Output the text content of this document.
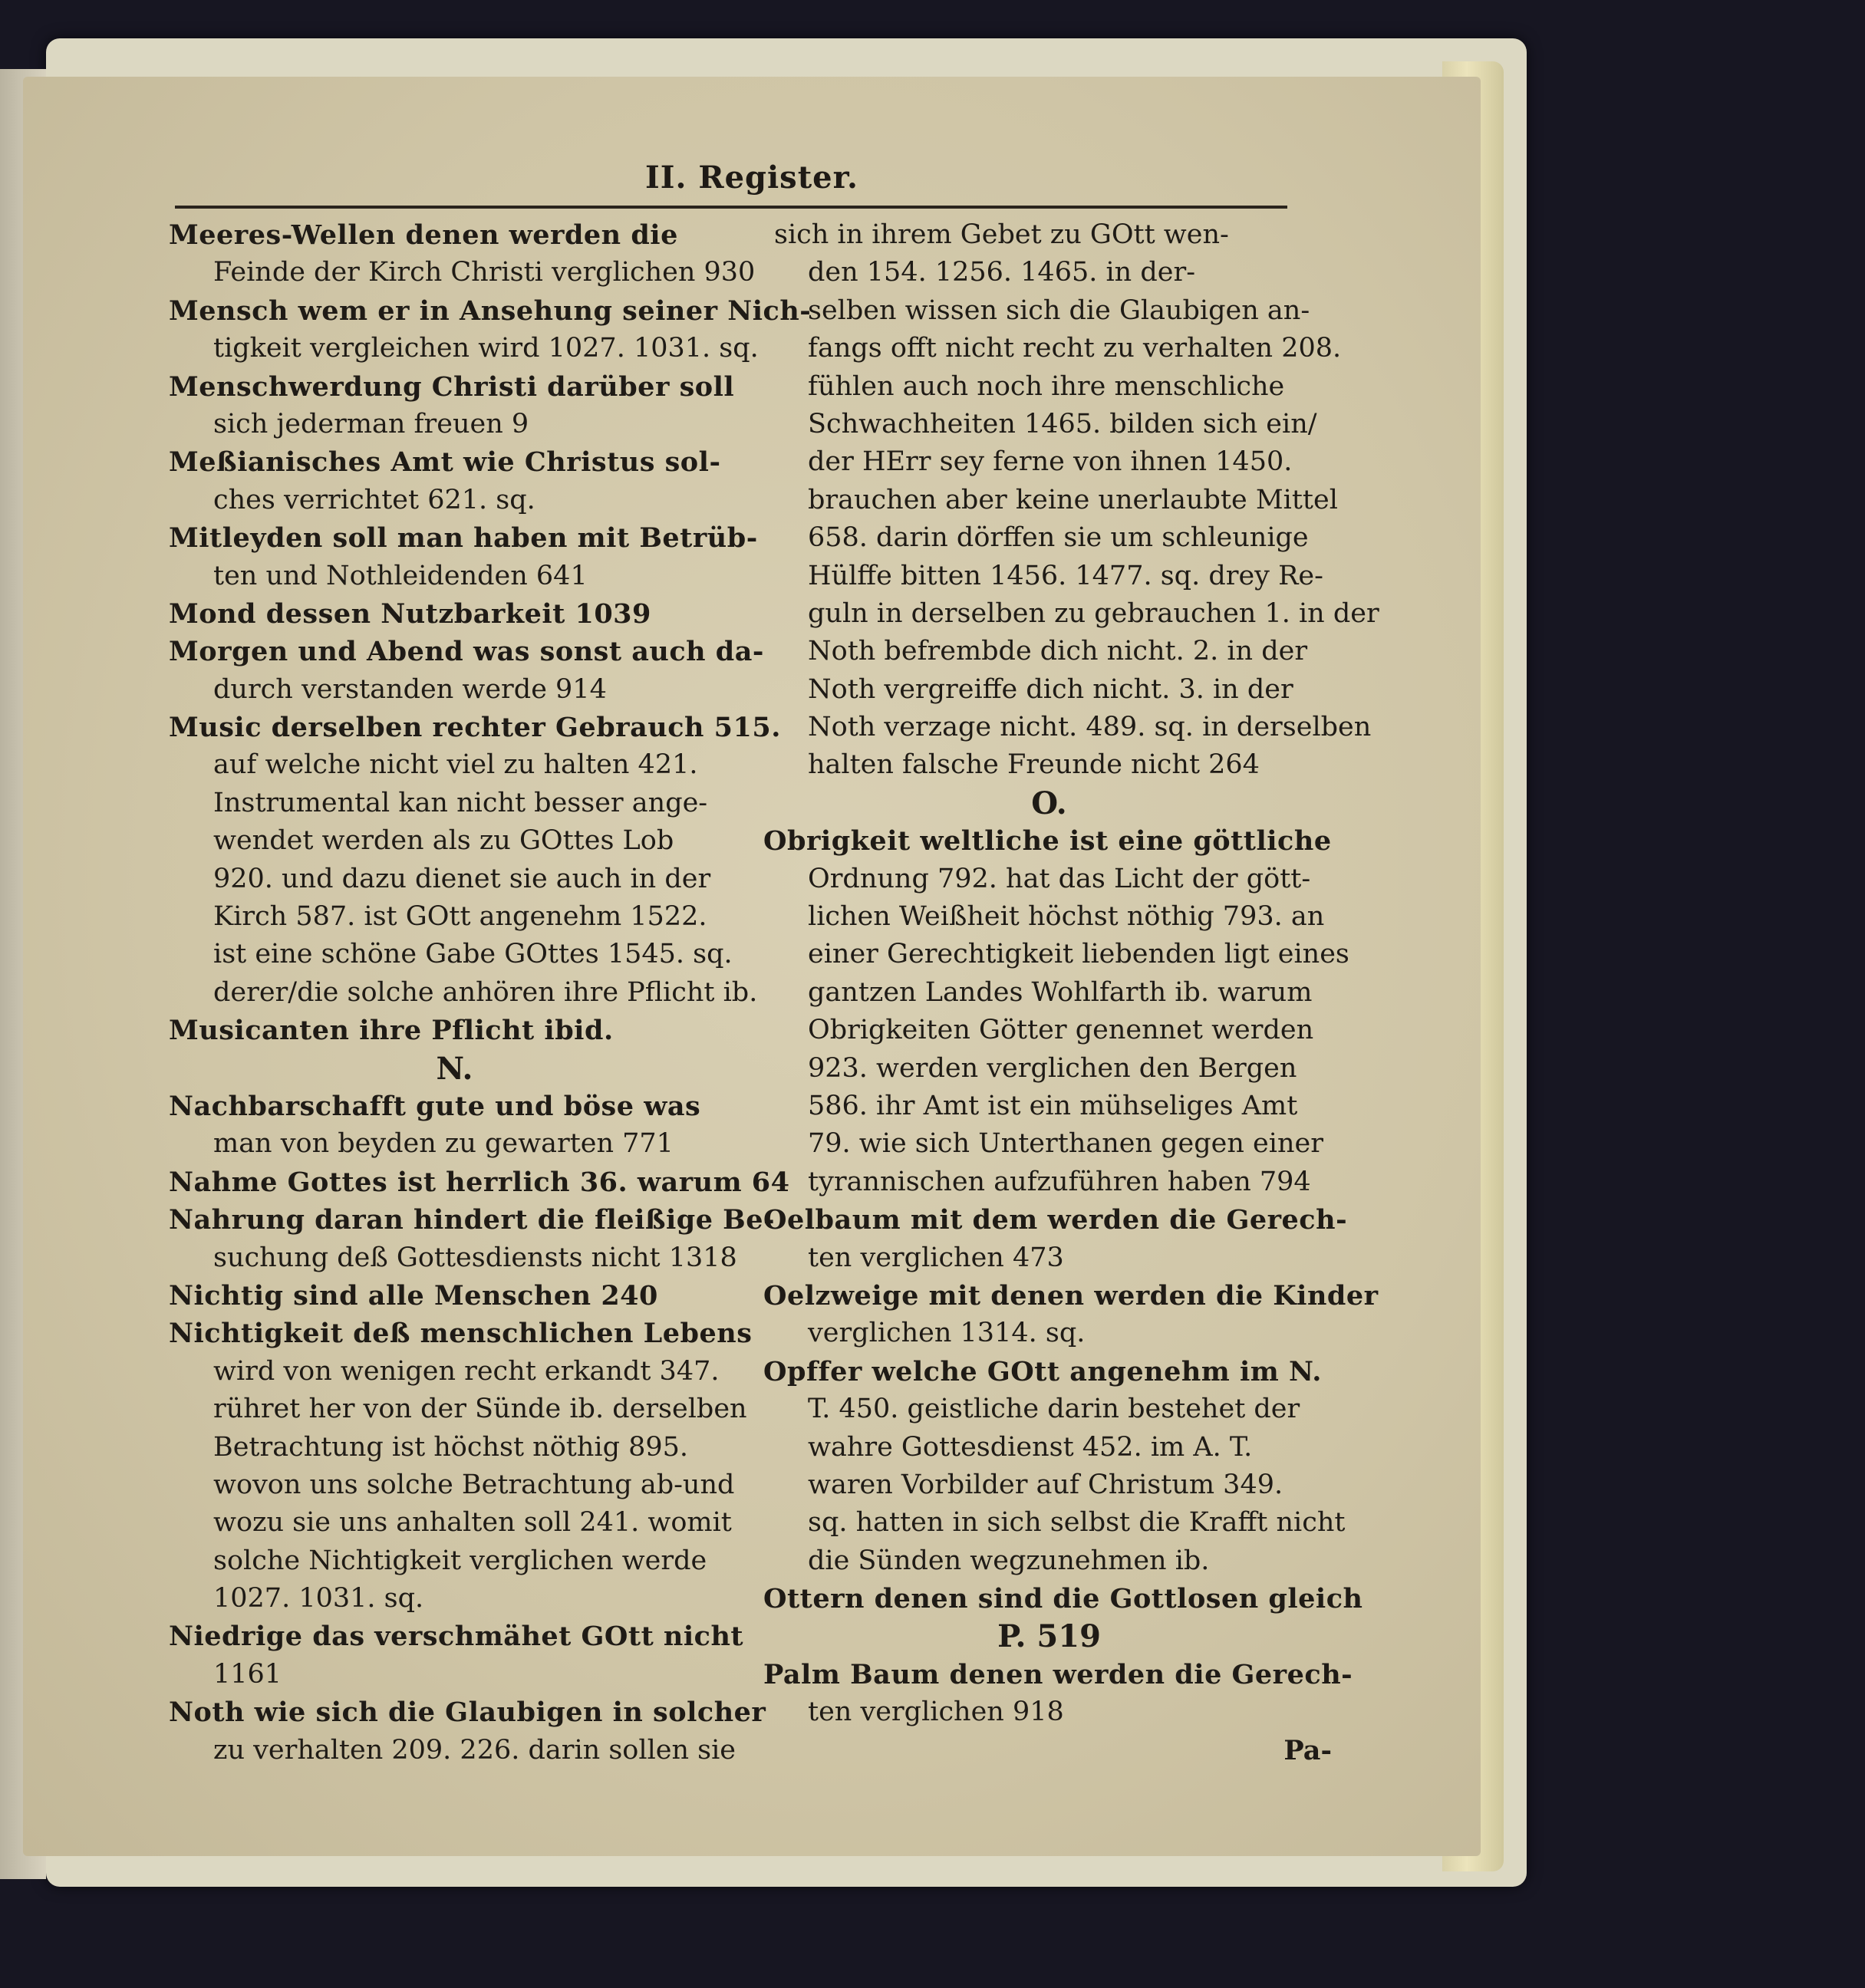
II. Register.
Meeres-Wellen denen werden die
Feinde der Kirch Christi verglichen 930
Mensch wem er in Ansehung seiner Nich-
tigkeit vergleichen wird 1027. 1031. sq.
Menschwerdung Christi darüber soll
sich jederman freuen 9
Meßianisches Amt wie Christus sol-
ches verrichtet 621. sq.
Mitleyden soll man haben mit Betrüb-
ten und Nothleidenden 641
Mond dessen Nutzbarkeit 1039
Morgen und Abend was sonst auch da-
durch verstanden werde 914
Music derselben rechter Gebrauch 515.
auf welche nicht viel zu halten 421.
Instrumental kan nicht besser ange-
wendet werden als zu GOttes Lob
920. und dazu dienet sie auch in der
Kirch 587. ist GOtt angenehm 1522.
ist eine schöne Gabe GOttes 1545. sq.
derer/die solche anhören ihre Pflicht ib.
Musicanten ihre Pflicht ibid.
N.
Nachbarschafft gute und böse was
man von beyden zu gewarten 771
Nahme Gottes ist herrlich 36. warum 64
Nahrung daran hindert die fleißige Be-
suchung deß Gottesdiensts nicht 1318
Nichtig sind alle Menschen 240
Nichtigkeit deß menschlichen Lebens
wird von wenigen recht erkandt 347.
rühret her von der Sünde ib. derselben
Betrachtung ist höchst nöthig 895.
wovon uns solche Betrachtung ab-und
wozu sie uns anhalten soll 241. womit
solche Nichtigkeit verglichen werde
1027. 1031. sq.
Niedrige das verschmähet GOtt nicht
1161
Noth wie sich die Glaubigen in solcher
zu verhalten 209. 226. darin sollen sie
sich in ihrem Gebet zu GOtt wen-
den 154. 1256. 1465. in der-
selben wissen sich die Glaubigen an-
fangs offt nicht recht zu verhalten 208.
fühlen auch noch ihre menschliche
Schwachheiten 1465. bilden sich ein/
der HErr sey ferne von ihnen 1450.
brauchen aber keine unerlaubte Mittel
658. darin dörffen sie um schleunige
Hülffe bitten 1456. 1477. sq. drey Re-
guln in derselben zu gebrauchen 1. in der
Noth befrembde dich nicht. 2. in der
Noth vergreiffe dich nicht. 3. in der
Noth verzage nicht. 489. sq. in derselben
halten falsche Freunde nicht 264
O.
Obrigkeit weltliche ist eine göttliche
Ordnung 792. hat das Licht der gött-
lichen Weißheit höchst nöthig 793. an
einer Gerechtigkeit liebenden ligt eines
gantzen Landes Wohlfarth ib. warum
Obrigkeiten Götter genennet werden
923. werden verglichen den Bergen
586. ihr Amt ist ein mühseliges Amt
79. wie sich Unterthanen gegen einer
tyrannischen aufzuführen haben 794
Oelbaum mit dem werden die Gerech-
ten verglichen 473
Oelzweige mit denen werden die Kinder
verglichen 1314. sq.
Opffer welche GOtt angenehm im N.
T. 450. geistliche darin bestehet der
wahre Gottesdienst 452. im A. T.
waren Vorbilder auf Christum 349.
sq. hatten in sich selbst die Krafft nicht
die Sünden wegzunehmen ib.
Ottern denen sind die Gottlosen gleich
P. 519
Palm Baum denen werden die Gerech-
ten verglichen 918
Pa-
